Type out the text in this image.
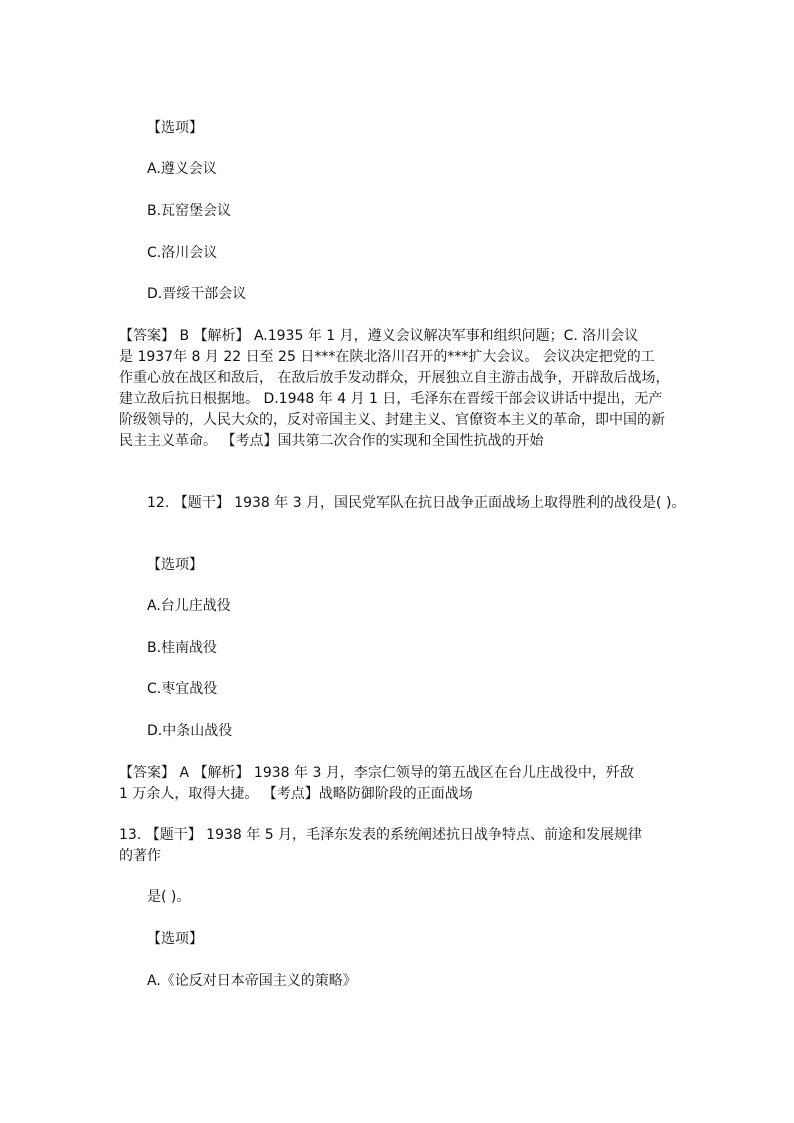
【选项】
A.遵义会议
B.瓦窑堡会议
C.洛川会议
D.晋绥干部会议
【答案】 B 【解析】 A.1935 年 1 月，遵义会议解决军事和组织问题；C. 洛川会议
是 1937年 8 月 22 日至 25 日***在陕北洛川召开的***扩大会议。 会议决定把党的工
作重心放在战区和敌后， 在敌后放手发动群众，开展独立自主游击战争，开辟敌后战场，
建立敌后抗日根据地。 D.1948 年 4 月 1 日，毛泽东在晋绥干部会议讲话中提出，无产
阶级领导的，人民大众的，反对帝国主义、封建主义、官僚资本主义的革命，即中国的新
民主主义革命。 【考点】国共第二次合作的实现和全国性抗战的开始
12. 【题干】 1938 年 3 月，国民党军队在抗日战争正面战场上取得胜利的战役是( )。
【选项】
A.台儿庄战役
B.桂南战役
C.枣宜战役
D.中条山战役
【答案】 A 【解析】 1938 年 3 月，李宗仁领导的第五战区在台儿庄战役中，歼敌
1 万余人，取得大捷。 【考点】战略防御阶段的正面战场
13. 【题干】 1938 年 5 月，毛泽东发表的系统阐述抗日战争特点、前途和发展规律
的著作
是( )。
【选项】
A.《论反对日本帝国主义的策略》
